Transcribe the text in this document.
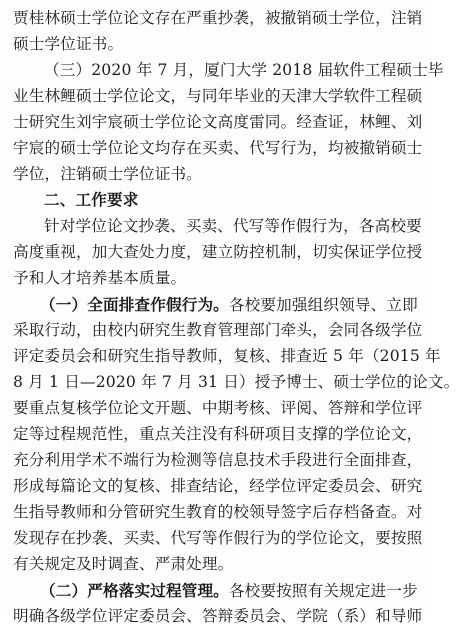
贾桂林硕士学位论文存在严重抄袭，被撤销硕士学位，注销
硕士学位证书。
（三）2020 年 7 月，厦门大学 2018 届软件工程硕士毕
业生林鲤硕士学位论文，与同年毕业的天津大学软件工程硕
士研究生刘宇宸硕士学位论文高度雷同。经查证，林鲤、刘
宇宸的硕士学位论文均存在买卖、代写行为，均被撤销硕士
学位，注销硕士学位证书。
二、工作要求
针对学位论文抄袭、买卖、代写等作假行为，各高校要
高度重视，加大查处力度，建立防控机制，切实保证学位授
予和人才培养基本质量。
（一）全面排查作假行为。各校要加强组织领导、立即
采取行动，由校内研究生教育管理部门牵头，会同各级学位
评定委员会和研究生指导教师，复核、排查近 5 年（2015 年
8 月 1 日—2020 年 7 月 31 日）授予博士、硕士学位的论文。
要重点复核学位论文开题、中期考核、评阅、答辩和学位评
定等过程规范性，重点关注没有科研项目支撑的学位论文，
充分利用学术不端行为检测等信息技术手段进行全面排查，
形成每篇论文的复核、排查结论，经学位评定委员会、研究
生指导教师和分管研究生教育的校领导签字后存档备查。对
发现存在抄袭、买卖、代写等作假行为的学位论文，要按照
有关规定及时调查、严肃处理。
（二）严格落实过程管理。各校要按照有关规定进一步
明确各级学位评定委员会、答辩委员会、学院（系）和导师
